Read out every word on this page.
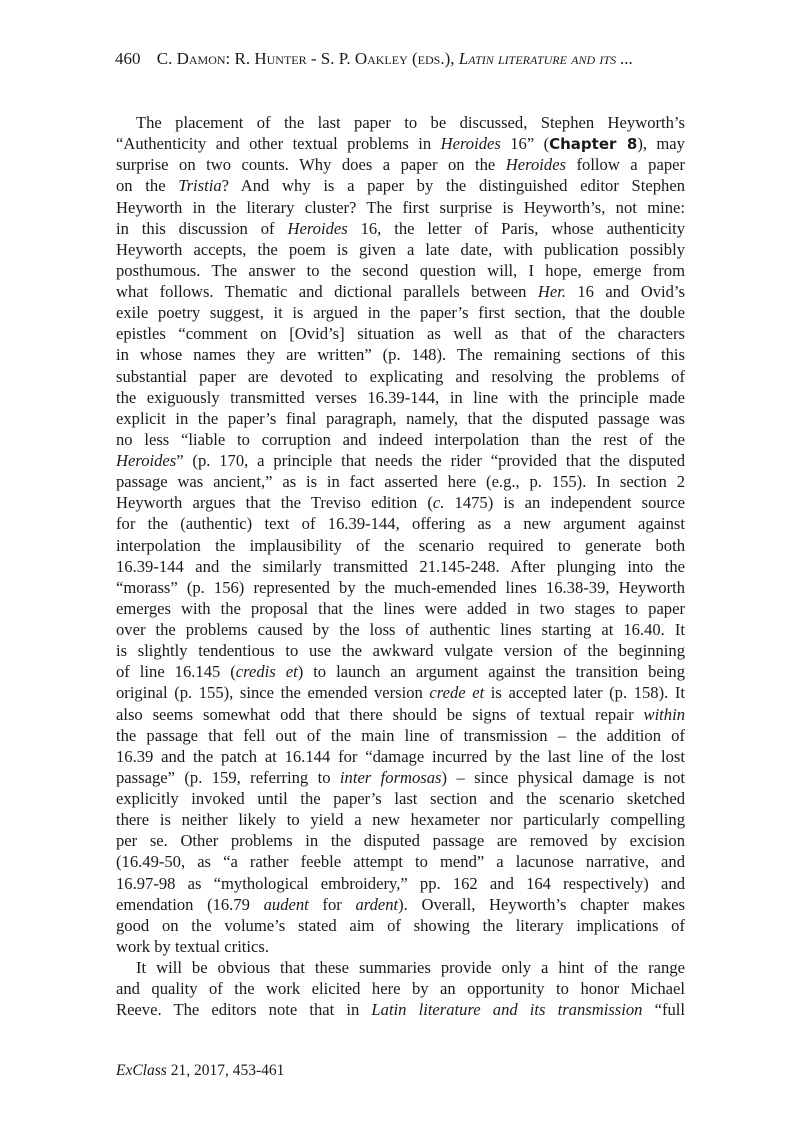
460 C. Damon: R. Hunter - S. P. Oakley (eds.), Latin literature and its ...
The placement of the last paper to be discussed, Stephen Heyworth’s
“Authenticity and other textual problems in Heroides 16” (Chapter 8), may
surprise on two counts. Why does a paper on the Heroides follow a paper
on the Tristia? And why is a paper by the distinguished editor Stephen
Heyworth in the literary cluster? The first surprise is Heyworth’s, not mine:
in this discussion of Heroides 16, the letter of Paris, whose authenticity
Heyworth accepts, the poem is given a late date, with publication possibly
posthumous. The answer to the second question will, I hope, emerge from
what follows. Thematic and dictional parallels between Her. 16 and Ovid’s
exile poetry suggest, it is argued in the paper’s first section, that the double
epistles “comment on [Ovid’s] situation as well as that of the characters
in whose names they are written” (p. 148). The remaining sections of this
substantial paper are devoted to explicating and resolving the problems of
the exiguously transmitted verses 16.39-144, in line with the principle made
explicit in the paper’s final paragraph, namely, that the disputed passage was
no less “liable to corruption and indeed interpolation than the rest of the
Heroides” (p. 170, a principle that needs the rider “provided that the disputed
passage was ancient,” as is in fact asserted here (e.g., p. 155). In section 2
Heyworth argues that the Treviso edition (c. 1475) is an independent source
for the (authentic) text of 16.39-144, offering as a new argument against
interpolation the implausibility of the scenario required to generate both
16.39-144 and the similarly transmitted 21.145-248. After plunging into the
“morass” (p. 156) represented by the much-emended lines 16.38-39, Heyworth
emerges with the proposal that the lines were added in two stages to paper
over the problems caused by the loss of authentic lines starting at 16.40. It
is slightly tendentious to use the awkward vulgate version of the beginning
of line 16.145 (credis et) to launch an argument against the transition being
original (p. 155), since the emended version crede et is accepted later (p. 158). It
also seems somewhat odd that there should be signs of textual repair within
the passage that fell out of the main line of transmission – the addition of
16.39 and the patch at 16.144 for “damage incurred by the last line of the lost
passage” (p. 159, referring to inter formosas) – since physical damage is not
explicitly invoked until the paper’s last section and the scenario sketched
there is neither likely to yield a new hexameter nor particularly compelling
per se. Other problems in the disputed passage are removed by excision
(16.49-50, as “a rather feeble attempt to mend” a lacunose narrative, and
16.97-98 as “mythological embroidery,” pp. 162 and 164 respectively) and
emendation (16.79 audent for ardent). Overall, Heyworth’s chapter makes
good on the volume’s stated aim of showing the literary implications of
work by textual critics.
It will be obvious that these summaries provide only a hint of the range
and quality of the work elicited here by an opportunity to honor Michael
Reeve. The editors note that in Latin literature and its transmission “full
ExClass 21, 2017, 453-461
